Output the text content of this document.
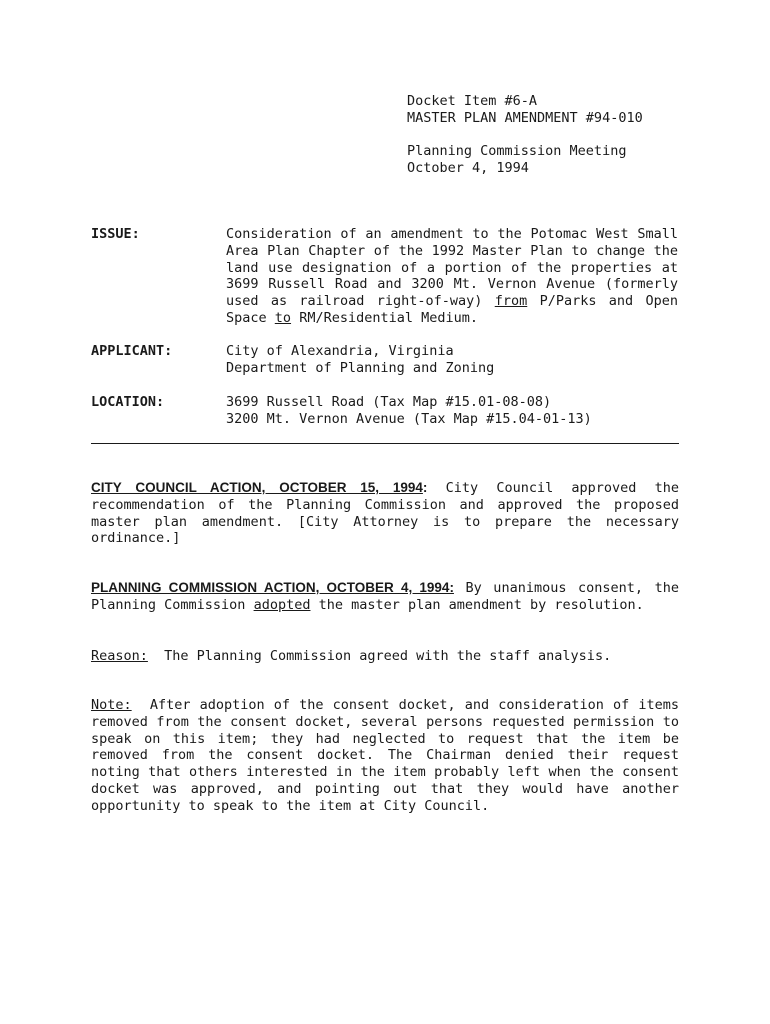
Docket Item #6-A
MASTER PLAN AMENDMENT #94-010
Planning Commission Meeting
October 4, 1994
ISSUE:	Consideration of an amendment to the Potomac West Small Area Plan Chapter of the 1992 Master Plan to change the land use designation of a portion of the properties at 3699 Russell Road and 3200 Mt. Vernon Avenue (formerly used as railroad right-of-way) from P/Parks and Open Space to RM/Residential Medium.
APPLICANT:	City of Alexandria, Virginia
Department of Planning and Zoning
LOCATION:	3699 Russell Road (Tax Map #15.01-08-08)
3200 Mt. Vernon Avenue (Tax Map #15.04-01-13)
CITY COUNCIL ACTION, OCTOBER 15, 1994: City Council approved the recommendation of the Planning Commission and approved the proposed master plan amendment. [City Attorney is to prepare the necessary ordinance.]
PLANNING COMMISSION ACTION, OCTOBER 4, 1994: By unanimous consent, the Planning Commission adopted the master plan amendment by resolution.
Reason: The Planning Commission agreed with the staff analysis.
Note: After adoption of the consent docket, and consideration of items removed from the consent docket, several persons requested permission to speak on this item; they had neglected to request that the item be removed from the consent docket. The Chairman denied their request noting that others interested in the item probably left when the consent docket was approved, and pointing out that they would have another opportunity to speak to the item at City Council.
